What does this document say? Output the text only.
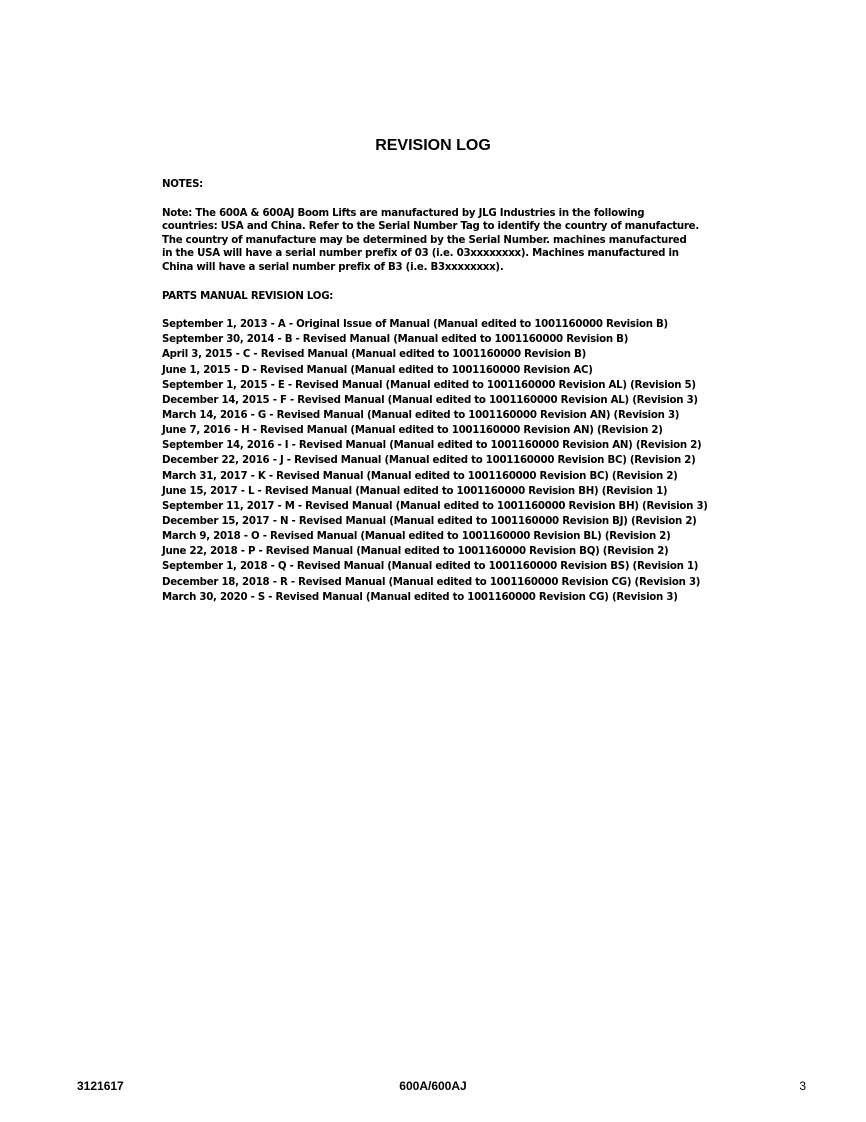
REVISION LOG
NOTES:
Note: The 600A & 600AJ Boom Lifts are manufactured by JLG Industries in the following
countries: USA and China. Refer to the Serial Number Tag to identify the country of manufacture.
The country of manufacture may be determined by the Serial Number. machines manufactured
in the USA will have a serial number prefix of 03 (i.e. 03xxxxxxxx). Machines manufactured in
China will have a serial number prefix of B3 (i.e. B3xxxxxxxx).
PARTS MANUAL REVISION LOG:
September 1, 2013 - A - Original Issue of Manual (Manual edited to 1001160000 Revision B)
September 30, 2014 - B - Revised Manual (Manual edited to 1001160000 Revision B)
April 3, 2015 - C - Revised Manual (Manual edited to 1001160000 Revision B)
June 1, 2015 - D - Revised Manual (Manual edited to 1001160000 Revision AC)
September 1, 2015 - E - Revised Manual (Manual edited to 1001160000 Revision AL) (Revision 5)
December 14, 2015 - F - Revised Manual (Manual edited to 1001160000 Revision AL) (Revision 3)
March 14, 2016 - G - Revised Manual (Manual edited to 1001160000 Revision AN) (Revision 3)
June 7, 2016 - H - Revised Manual (Manual edited to 1001160000 Revision AN) (Revision 2)
September 14, 2016 - I - Revised Manual (Manual edited to 1001160000 Revision AN) (Revision 2)
December 22, 2016 - J - Revised Manual (Manual edited to 1001160000 Revision BC) (Revision 2)
March 31, 2017 - K - Revised Manual (Manual edited to 1001160000 Revision BC) (Revision 2)
June 15, 2017 - L - Revised Manual (Manual edited to 1001160000 Revision BH) (Revision 1)
September 11, 2017 - M - Revised Manual (Manual edited to 1001160000 Revision BH) (Revision 3)
December 15, 2017 - N - Revised Manual (Manual edited to 1001160000 Revision BJ) (Revision 2)
March 9, 2018 - O - Revised Manual (Manual edited to 1001160000 Revision BL) (Revision 2)
June 22, 2018 - P - Revised Manual (Manual edited to 1001160000 Revision BQ) (Revision 2)
September 1, 2018 - Q - Revised Manual (Manual edited to 1001160000 Revision BS) (Revision 1)
December 18, 2018 - R - Revised Manual (Manual edited to 1001160000 Revision CG) (Revision 3)
March 30, 2020 - S - Revised Manual (Manual edited to 1001160000 Revision CG) (Revision 3)
3121617	600A/600AJ	3
